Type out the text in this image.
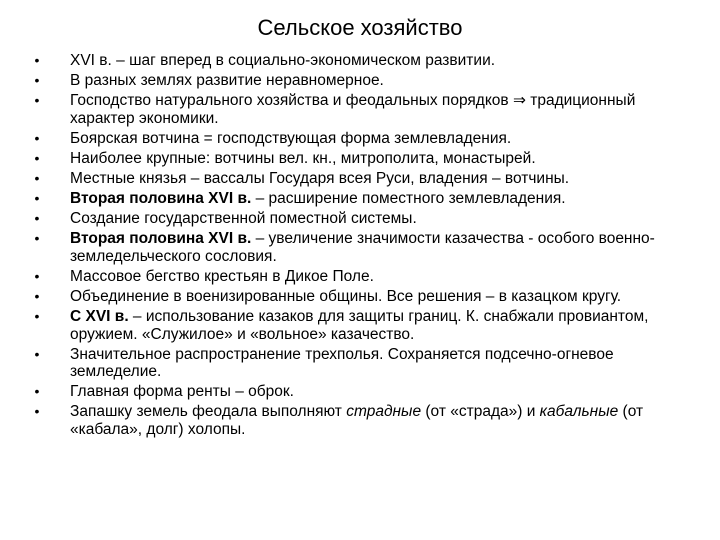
Сельское хозяйство
• XVI в. – шаг вперед в социально-экономическом развитии.
• В разных землях развитие неравномерное.
• Господство натурального хозяйства и феодальных порядков ⇒ традиционный характер экономики.
• Боярская вотчина = господствующая форма землевладения.
• Наиболее крупные: вотчины вел. кн., митрополита, монастырей.
• Местные князья – вассалы Государя всея Руси, владения – вотчины.
• Вторая половина XVI в. – расширение поместного землевладения.
• Создание государственной поместной системы.
• Вторая половина XVI в. – увеличение значимости казачества - особого военно-земледельческого сословия.
• Массовое бегство крестьян в Дикое Поле.
• Объединение в военизированные общины. Все решения – в казацком кругу.
• С XVI в. – использование казаков для защиты границ. К. снабжали провиантом, оружием. «Служилое» и «вольное» казачество.
• Значительное распространение трехполья. Сохраняется подсечно-огневое земледелие.
• Главная форма ренты – оброк.
• Запашку земель феодала выполняют страдные (от «страда») и кабальные (от «кабала», долг) холопы.
